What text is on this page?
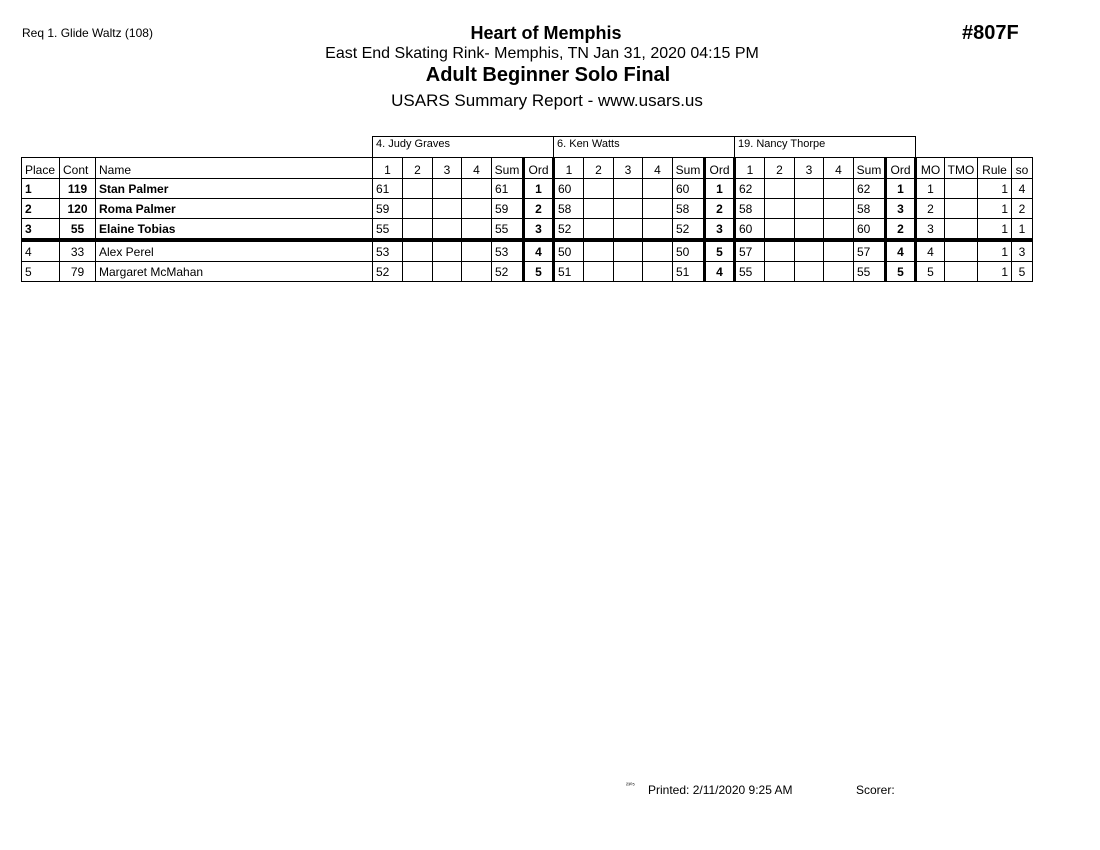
Req 1. Glide Waltz (108)	#807F
Heart of Memphis
East End Skating Rink- Memphis, TN Jan 31, 2020 04:15 PM
Adult Beginner Solo Final
USARS Summary Report - www.usars.us
			4. Judy Graves						6. Ken Watts						19. Nancy Thorpe									
Place	Cont	Name	1	2	3	4	Sum	Ord	1	2	3	4	Sum	Ord	1	2	3	4	Sum	Ord	MO	TMO	Rule	so
1	119	Stan Palmer	61				61	1	60				60	1	62				62	1	1		1	4
2	120	Roma Palmer	59				59	2	58				58	2	58				58	3	2		1	2
3	55	Elaine Tobias	55				55	3	52				52	3	60				60	2	3		1	1
4	33	Alex Perel	53				53	4	50				50	5	57				57	4	4		1	3
5	79	Margaret McMahan	52				52	5	51				51	4	55				55	5	5		1	5
²³⁰⁵ Printed: 2/11/2020 9:25 AM	Scorer:
